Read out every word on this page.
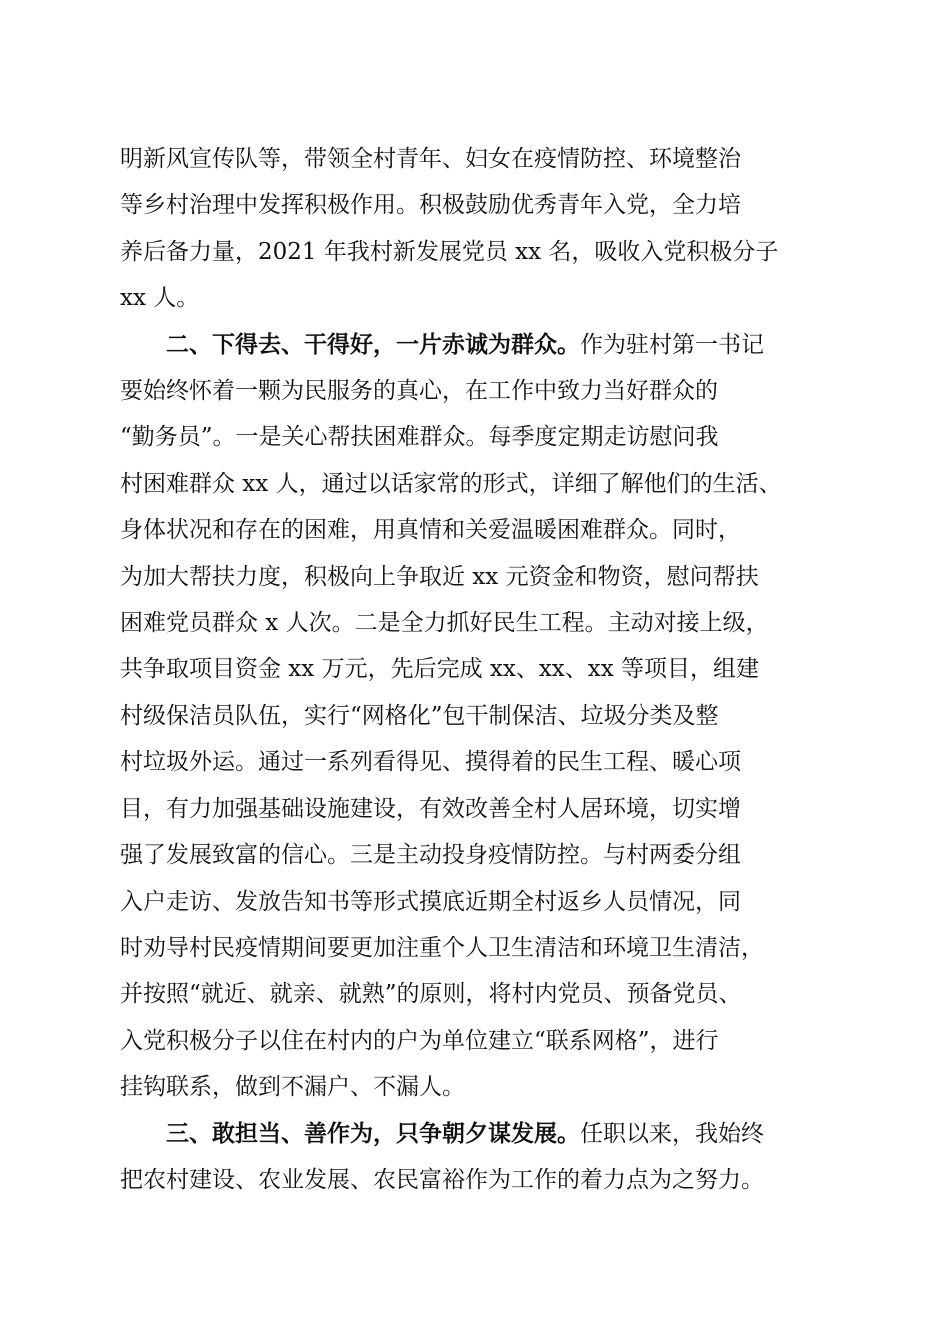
明新风宣传队等，带领全村青年、妇女在疫情防控、环境整治
等乡村治理中发挥积极作用。积极鼓励优秀青年入党，全力培
养后备力量，2021 年我村新发展党员 xx 名，吸收入党积极分子
xx 人。

二、下得去、干得好，一片赤诚为群众。作为驻村第一书记
要始终怀着一颗为民服务的真心，在工作中致力当好群众的
“勤务员”。一是关心帮扶困难群众。每季度定期走访慰问我
村困难群众 xx 人，通过以话家常的形式，详细了解他们的生活、
身体状况和存在的困难，用真情和关爱温暖困难群众。同时，
为加大帮扶力度，积极向上争取近 xx 元资金和物资，慰问帮扶
困难党员群众 x 人次。二是全力抓好民生工程。主动对接上级，
共争取项目资金 xx 万元，先后完成 xx、xx、xx 等项目，组建
村级保洁员队伍，实行“网格化”包干制保洁、垃圾分类及整
村垃圾外运。通过一系列看得见、摸得着的民生工程、暖心项
目，有力加强基础设施建设，有效改善全村人居环境，切实增
强了发展致富的信心。三是主动投身疫情防控。与村两委分组
入户走访、发放告知书等形式摸底近期全村返乡人员情况，同
时劝导村民疫情期间要更加注重个人卫生清洁和环境卫生清洁，
并按照“就近、就亲、就熟”的原则，将村内党员、预备党员、
入党积极分子以住在村内的户为单位建立“联系网格”，进行
挂钩联系，做到不漏户、不漏人。

三、敢担当、善作为，只争朝夕谋发展。任职以来，我始终
把农村建设、农业发展、农民富裕作为工作的着力点为之努力。
